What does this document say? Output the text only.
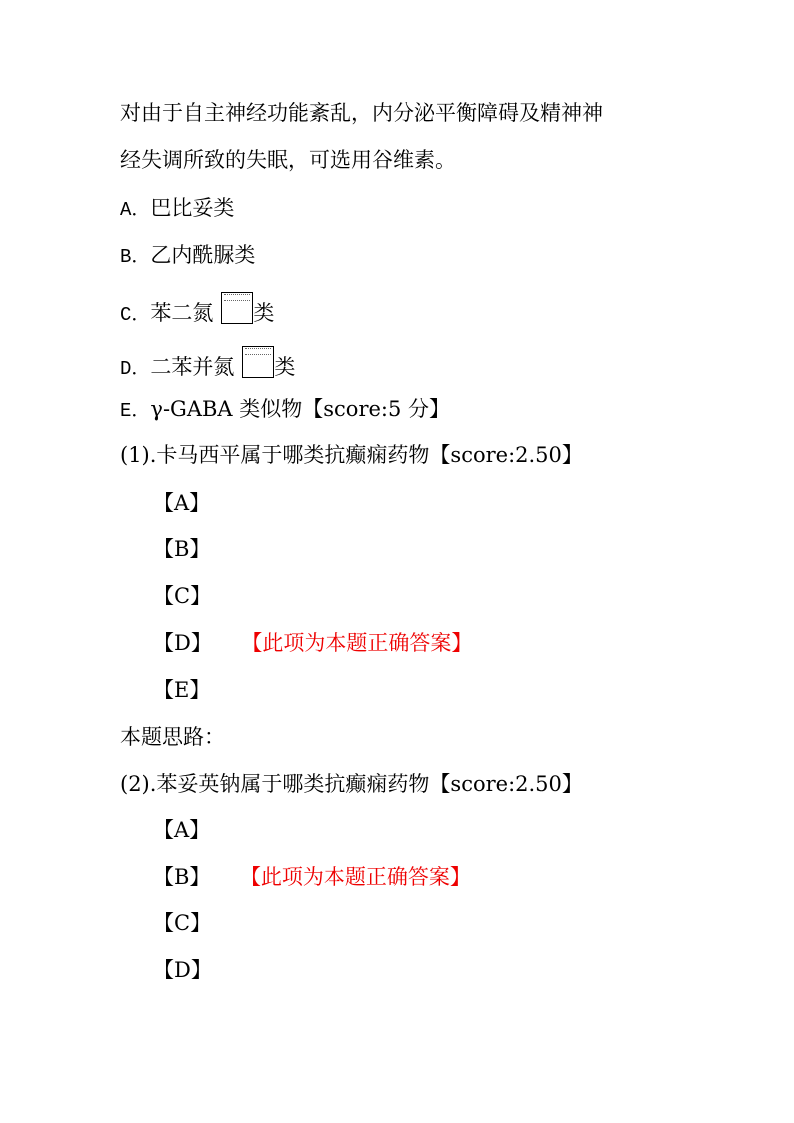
对由于自主神经功能紊乱，内分泌平衡障碍及精神神
经失调所致的失眠，可选用谷维素。
A．巴比妥类
B．乙内酰脲类
C．苯二氮 类
D．二苯并氮 类
E．γ-GABA 类似物【score:5 分】
(1).卡马西平属于哪类抗癫痫药物【score:2.50】
【A】
【B】
【C】
【D】 【此项为本题正确答案】
【E】
本题思路：
(2).苯妥英钠属于哪类抗癫痫药物【score:2.50】
【A】
【B】 【此项为本题正确答案】
【C】
【D】
